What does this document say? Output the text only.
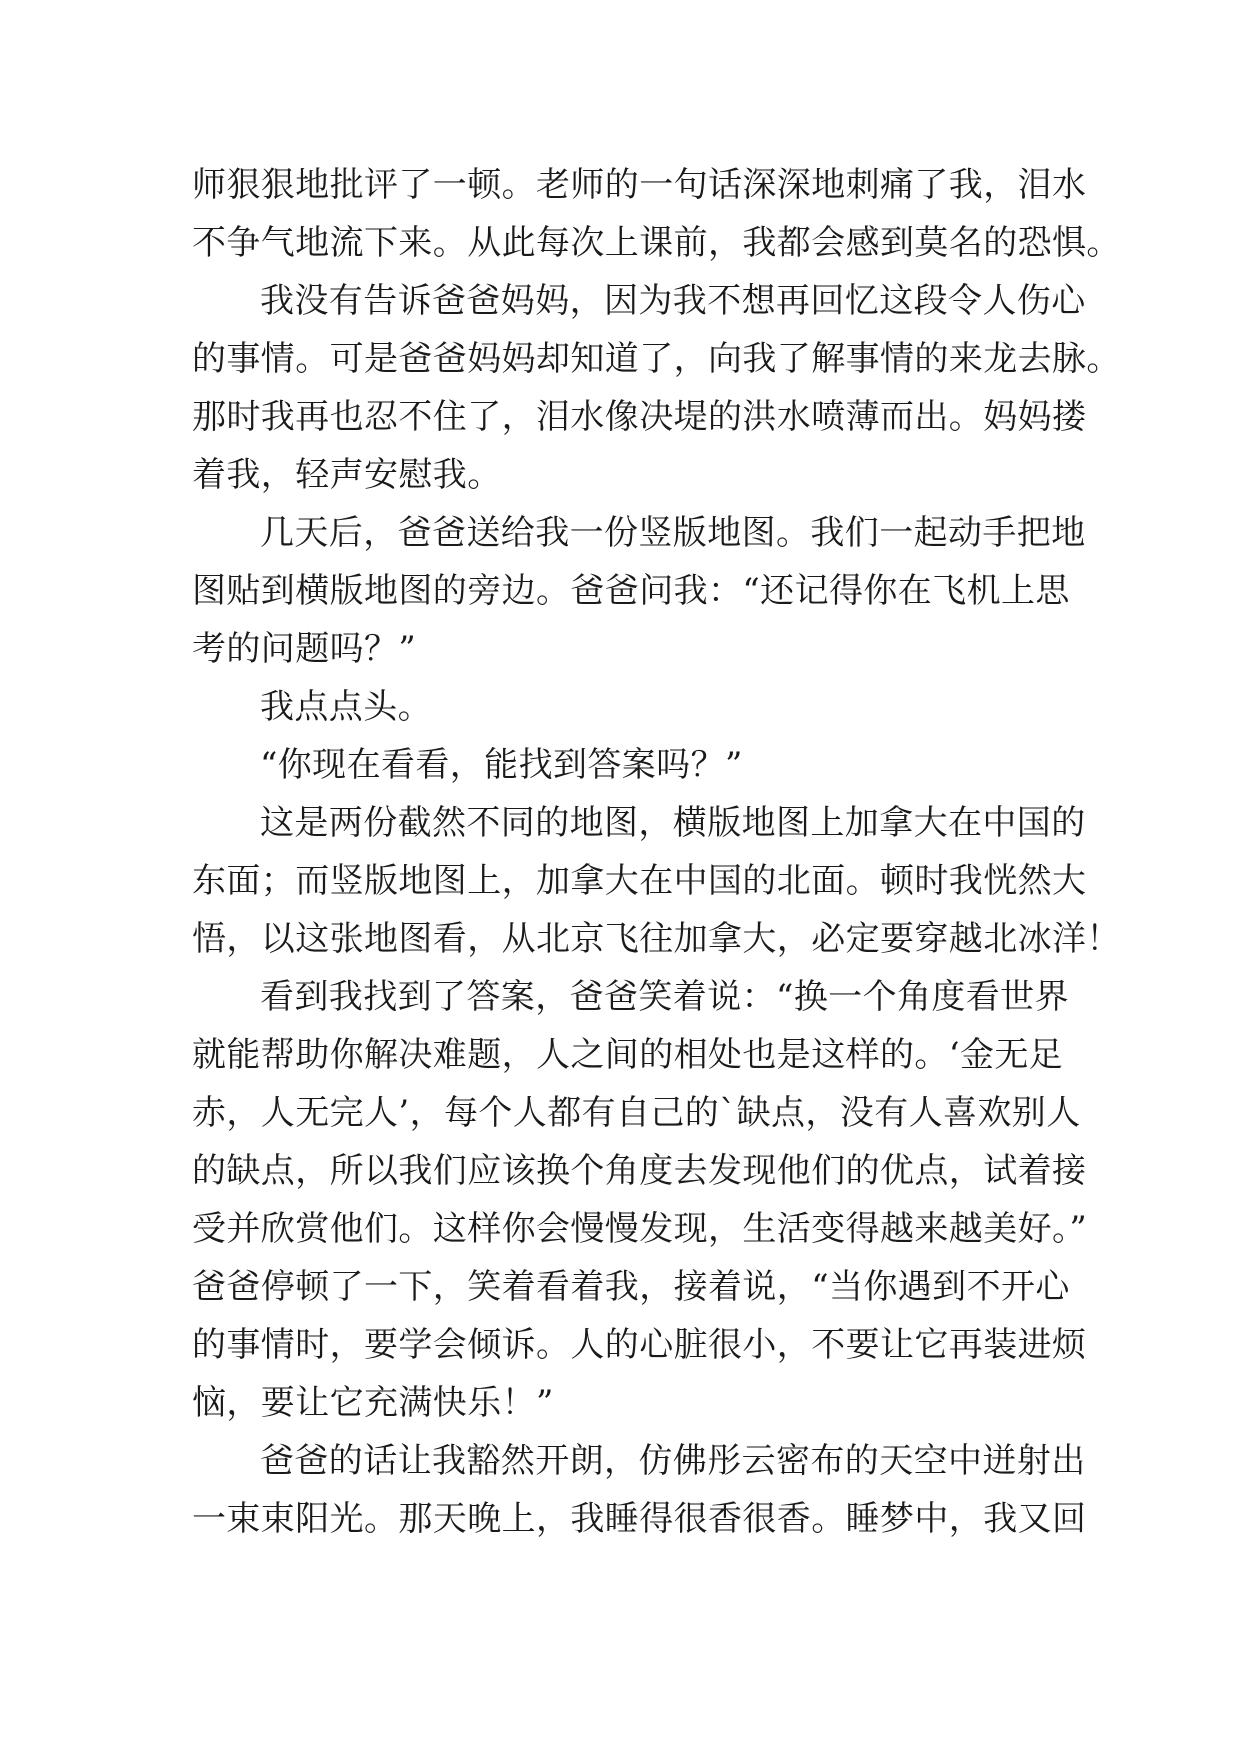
师狠狠地批评了一顿。老师的一句话深深地刺痛了我，泪水
不争气地流下来。从此每次上课前，我都会感到莫名的恐惧。
我没有告诉爸爸妈妈，因为我不想再回忆这段令人伤心
的事情。可是爸爸妈妈却知道了，向我了解事情的来龙去脉。
那时我再也忍不住了，泪水像决堤的洪水喷薄而出。妈妈搂
着我，轻声安慰我。
几天后，爸爸送给我一份竖版地图。我们一起动手把地
图贴到横版地图的旁边。爸爸问我：“还记得你在飞机上思
考的问题吗？”
我点点头。
“你现在看看，能找到答案吗？”
这是两份截然不同的地图，横版地图上加拿大在中国的
东面；而竖版地图上，加拿大在中国的北面。顿时我恍然大
悟，以这张地图看，从北京飞往加拿大，必定要穿越北冰洋！
看到我找到了答案，爸爸笑着说：“换一个角度看世界
就能帮助你解决难题，人之间的相处也是这样的。‘金无足
赤，人无完人’，每个人都有自己的`缺点，没有人喜欢别人
的缺点，所以我们应该换个角度去发现他们的优点，试着接
受并欣赏他们。这样你会慢慢发现，生活变得越来越美好。”
爸爸停顿了一下，笑着看着我，接着说，“当你遇到不开心
的事情时，要学会倾诉。人的心脏很小，不要让它再装进烦
恼，要让它充满快乐！”
爸爸的话让我豁然开朗，仿佛彤云密布的天空中迸射出
一束束阳光。那天晚上，我睡得很香很香。睡梦中，我又回
